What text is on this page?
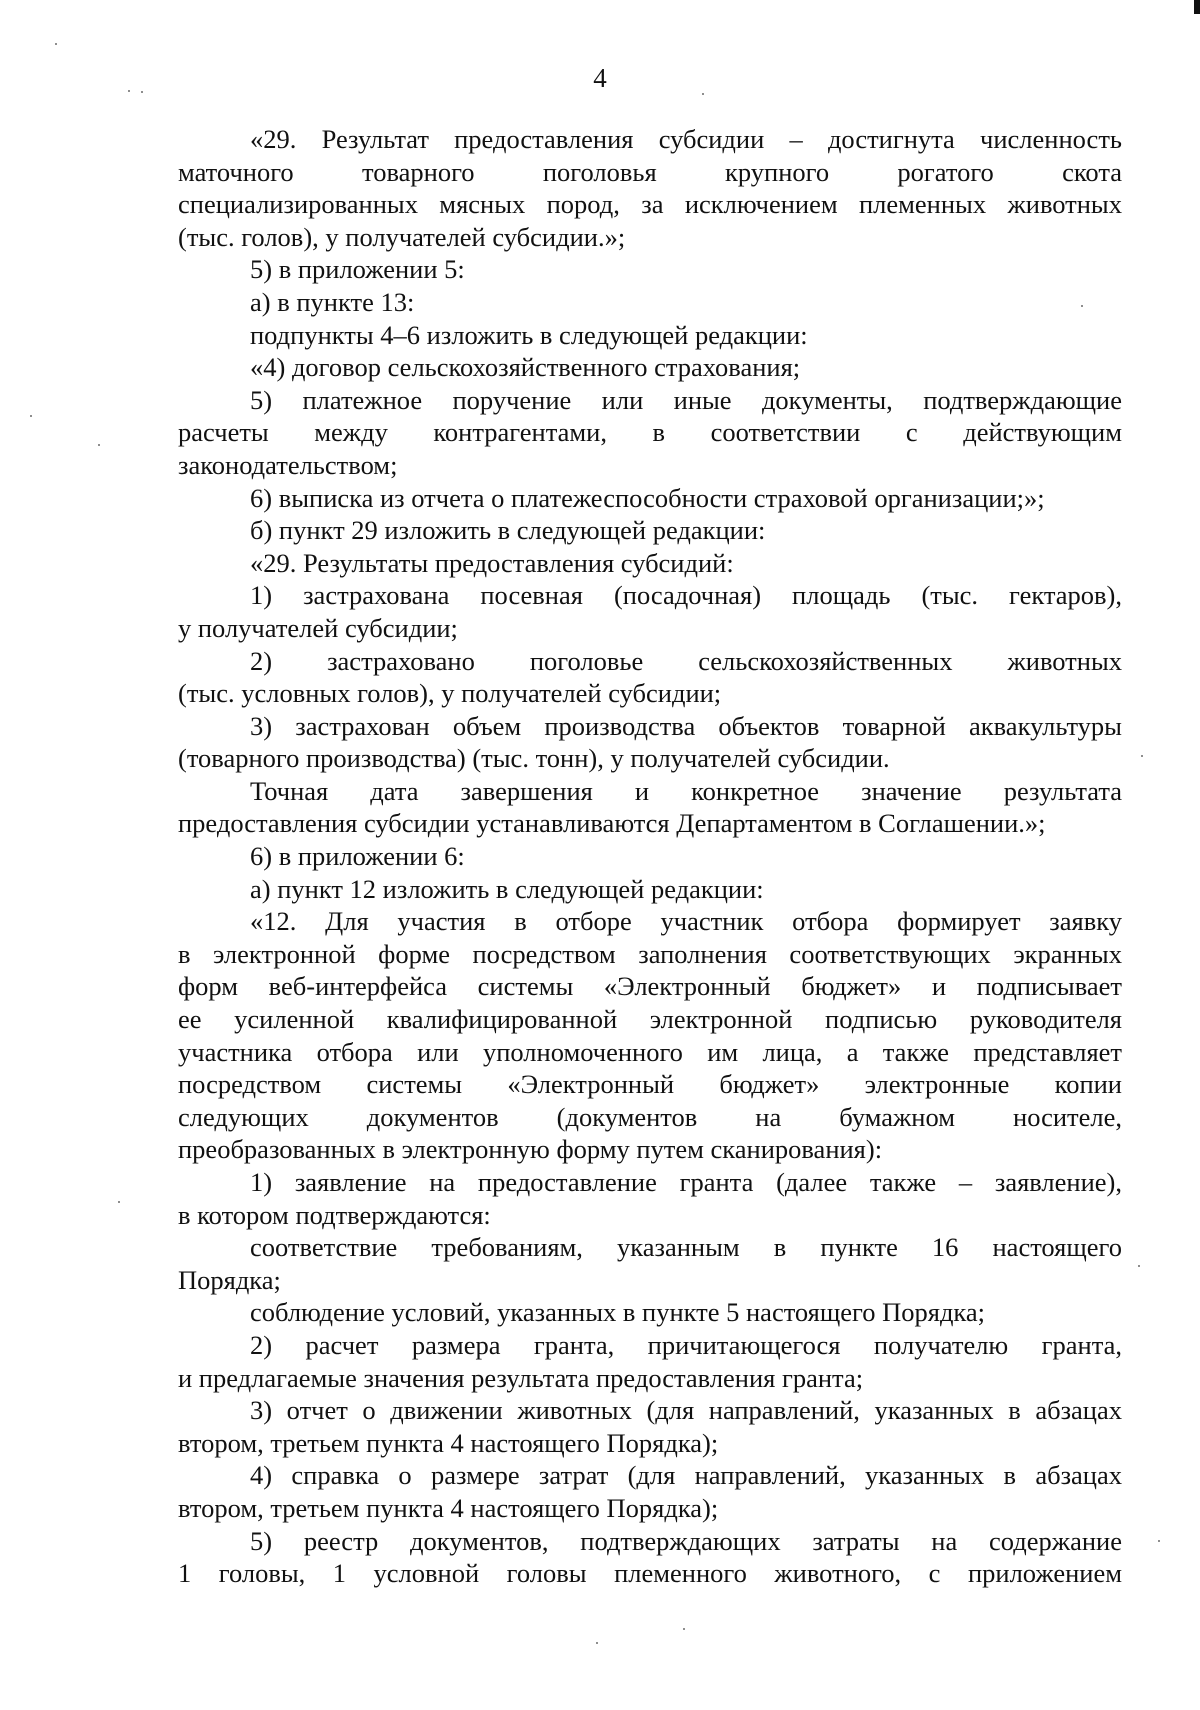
4
«29. Результат предоставления субсидии – достигнута численность
маточного товарного поголовья крупного рогатого скота
специализированных мясных пород, за исключением племенных животных
(тыс. голов), у получателей субсидии.»;
5) в приложении 5:
а) в пункте 13:
подпункты 4–6 изложить в следующей редакции:
«4) договор сельскохозяйственного страхования;
5) платежное поручение или иные документы, подтверждающие
расчеты между контрагентами, в соответствии с действующим
законодательством;
6) выписка из отчета о платежеспособности страховой организации;»;
б) пункт 29 изложить в следующей редакции:
«29. Результаты предоставления субсидий:
1) застрахована посевная (посадочная) площадь (тыс. гектаров),
у получателей субсидии;
2) застраховано поголовье сельскохозяйственных животных
(тыс. условных голов), у получателей субсидии;
3) застрахован объем производства объектов товарной аквакультуры
(товарного производства) (тыс. тонн), у получателей субсидии.
Точная дата завершения и конкретное значение результата
предоставления субсидии устанавливаются Департаментом в Соглашении.»;
6) в приложении 6:
а) пункт 12 изложить в следующей редакции:
«12. Для участия в отборе участник отбора формирует заявку
в электронной форме посредством заполнения соответствующих экранных
форм веб-интерфейса системы «Электронный бюджет» и подписывает
ее усиленной квалифицированной электронной подписью руководителя
участника отбора или уполномоченного им лица, а также представляет
посредством системы «Электронный бюджет» электронные копии
следующих документов (документов на бумажном носителе,
преобразованных в электронную форму путем сканирования):
1) заявление на предоставление гранта (далее также – заявление),
в котором подтверждаются:
соответствие требованиям, указанным в пункте 16 настоящего
Порядка;
соблюдение условий, указанных в пункте 5 настоящего Порядка;
2) расчет размера гранта, причитающегося получателю гранта,
и предлагаемые значения результата предоставления гранта;
3) отчет о движении животных (для направлений, указанных в абзацах
втором, третьем пункта 4 настоящего Порядка);
4) справка о размере затрат (для направлений, указанных в абзацах
втором, третьем пункта 4 настоящего Порядка);
5) реестр документов, подтверждающих затраты на содержание
1 головы, 1 условной головы племенного животного, с приложением
